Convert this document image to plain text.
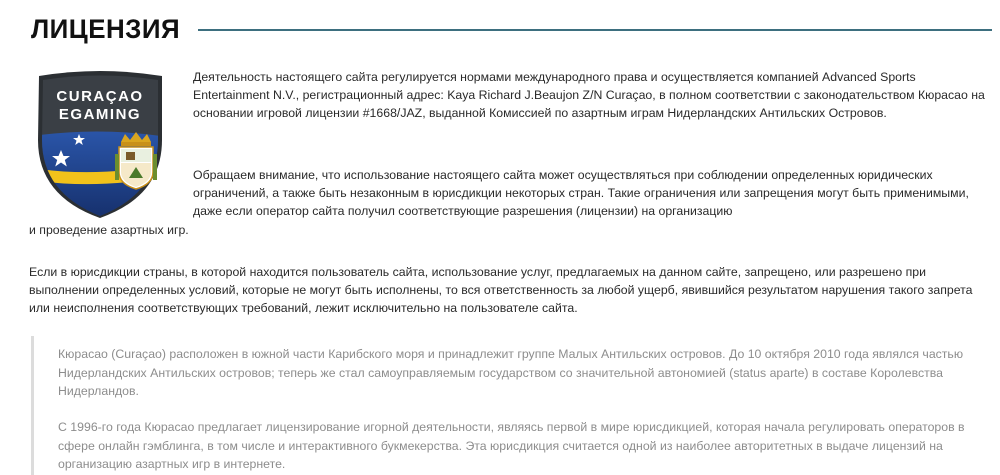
ЛИЦЕНЗИЯ
CURAÇAO
EGAMING

Деятельность настоящего сайта регулируется нормами международного права и осуществляется компанией Advanced Sports Entertainment N.V., регистрационный адрес: Kaya Richard J.Beaujon Z/N Curaçao, в полном соответствии с законодательством Кюрасао на основании игровой лицензии #1668/JAZ, выданной Комиссией по азартным играм Нидерландских Антильских Островов.

Обращаем внимание, что использование настоящего сайта может осуществляться при соблюдении определенных юридических ограничений, а также быть незаконным в юрисдикции некоторых стран. Такие ограничения или запрещения могут быть применимыми, даже если оператор сайта получил соответствующие разрешения (лицензии) на организацию

и проведение азартных игр.

Если в юрисдикции страны, в которой находится пользователь сайта, использование услуг, предлагаемых на данном сайте, запрещено, или разрешено при выполнении определенных условий, которые не могут быть исполнены, то вся ответственность за любой ущерб, явившийся результатом нарушения такого запрета или неисполнения соответствующих требований, лежит исключительно на пользователе сайта.

Кюрасао (Curaçao) расположен в южной части Карибского моря и принадлежит группе Малых Антильских островов. До 10 октября 2010 года являлся частью Нидерландских Антильских островов; теперь же стал самоуправляемым государством со значительной автономией (status aparte) в составе Королевства Нидерландов.

С 1996-го года Кюрасао предлагает лицензирование игорной деятельности, являясь первой в мире юрисдикцией, которая начала регулировать операторов в сфере онлайн гэмблинга, в том числе и интерактивного букмекерства. Эта юрисдикция считается одной из наиболее авторитетных в выдаче лицензий на организацию азартных игр в интернете.
